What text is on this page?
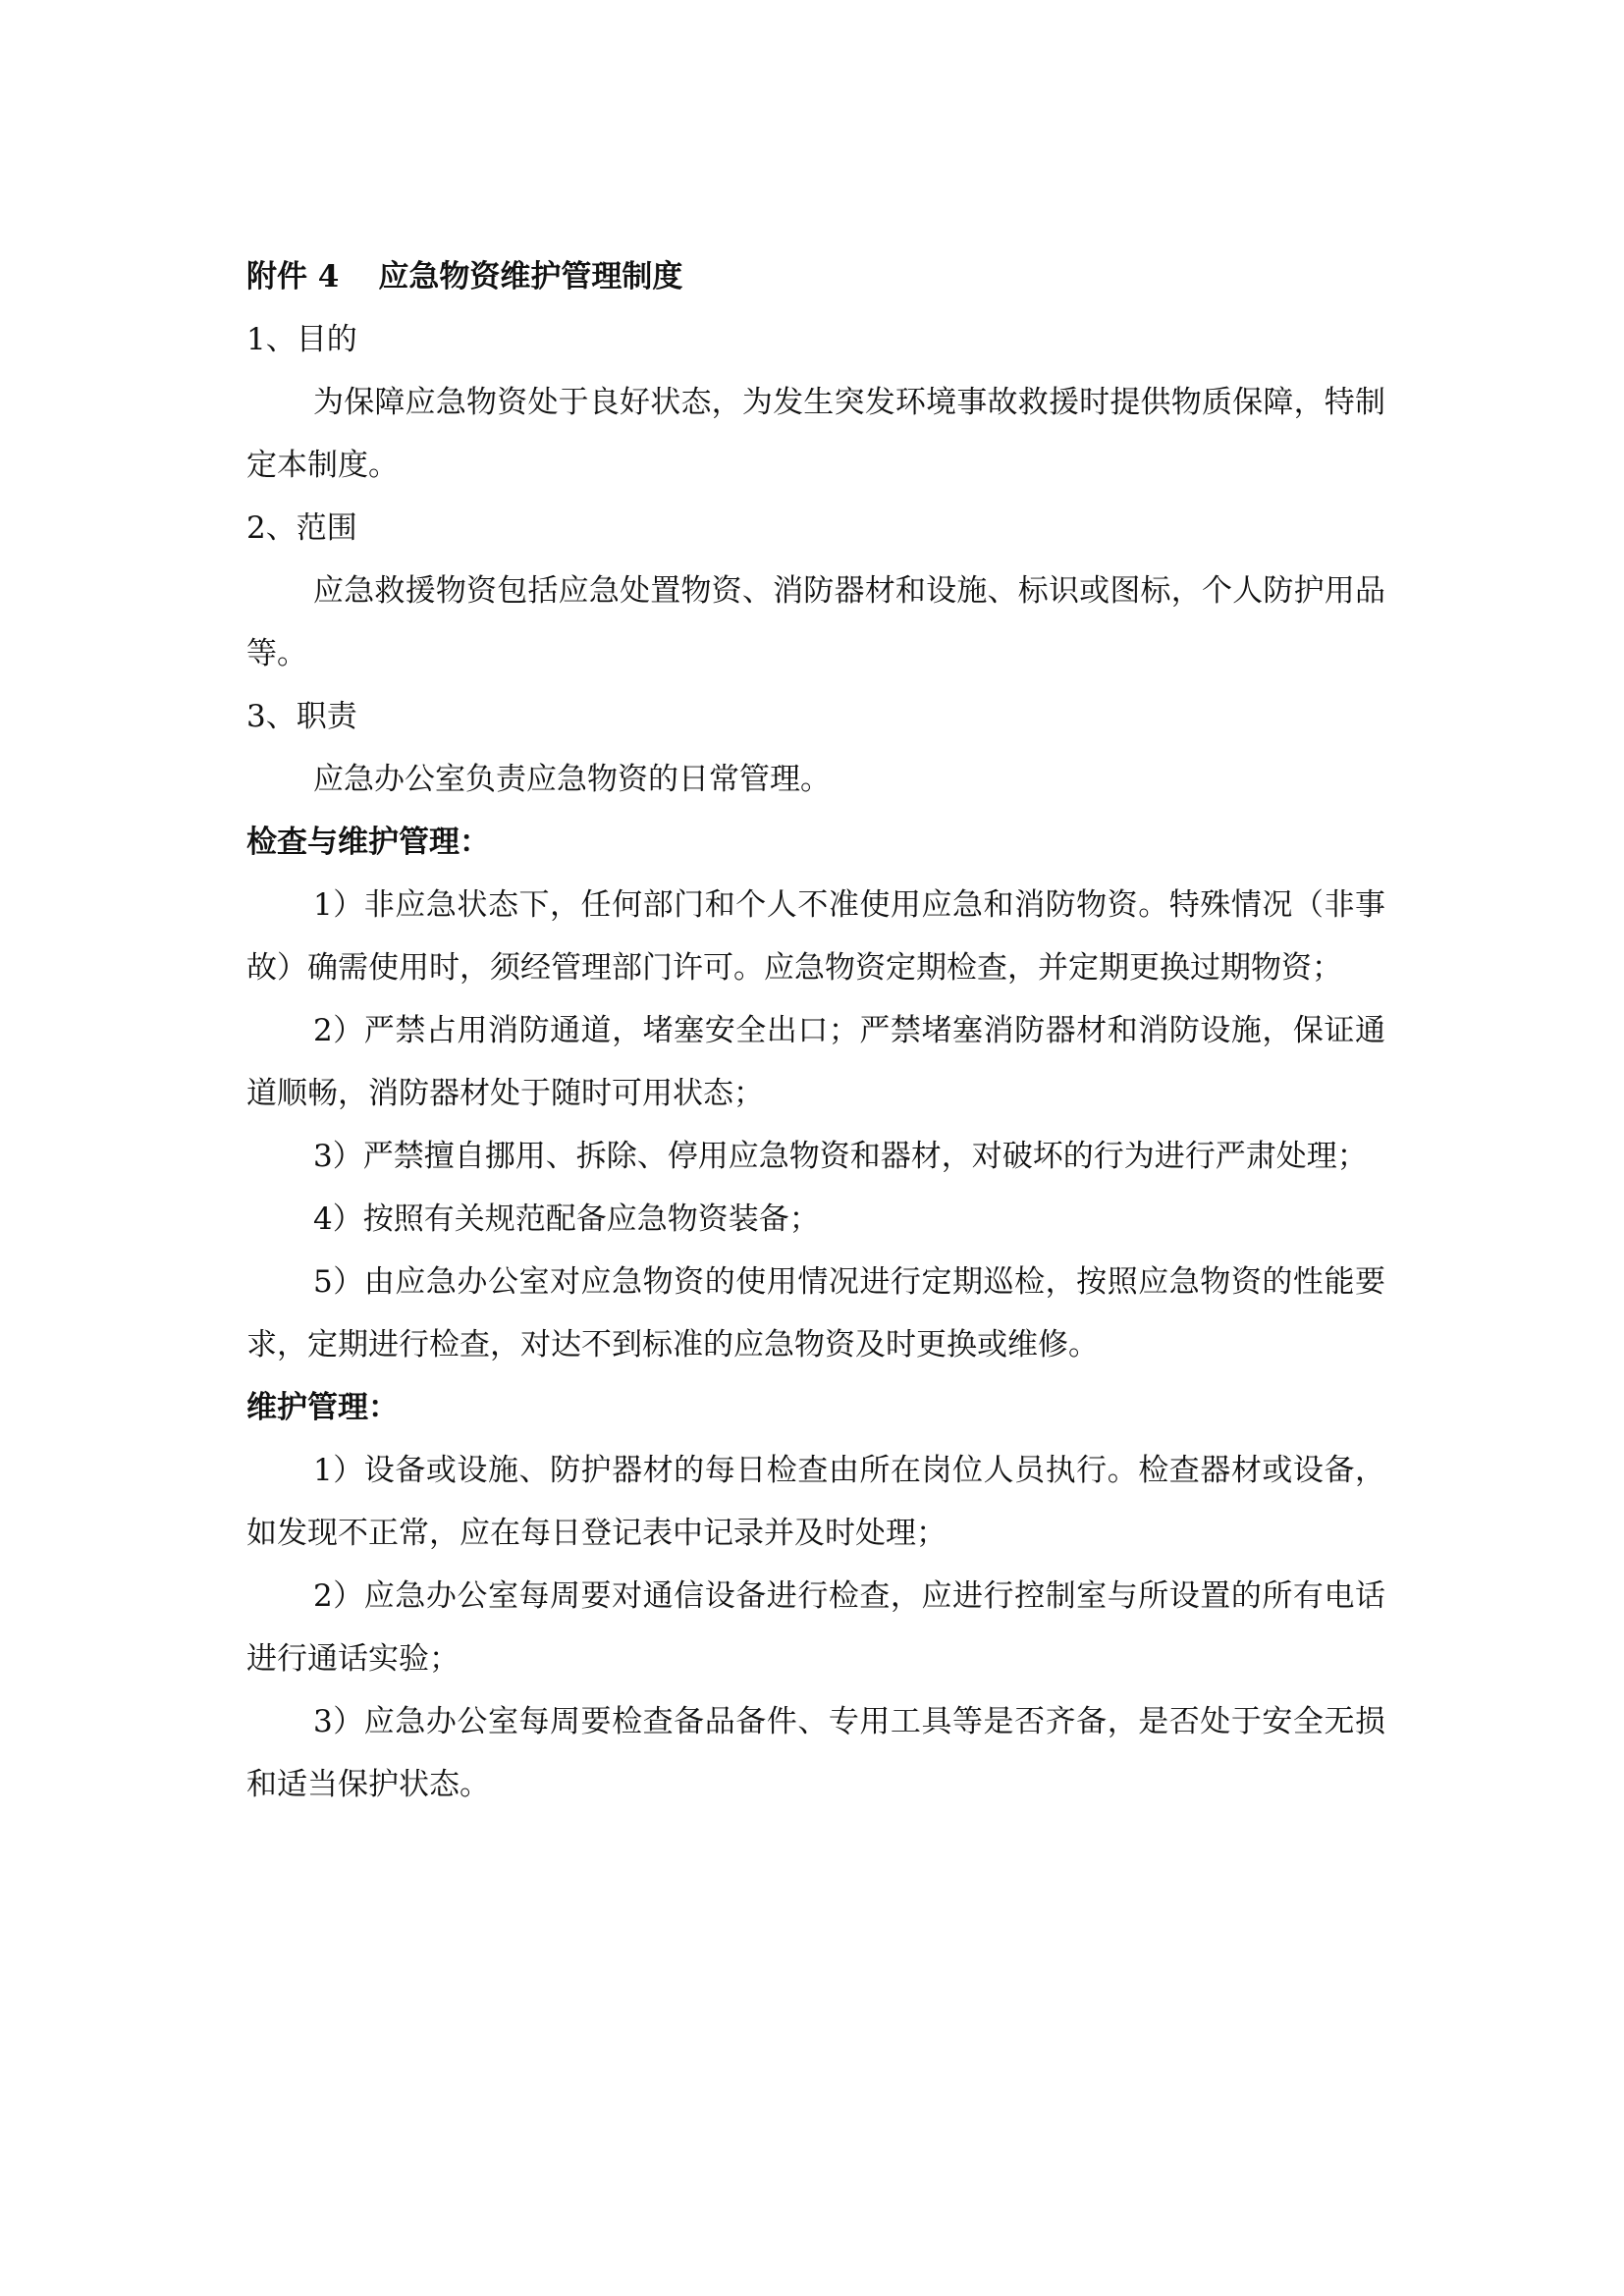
附件 4 应急物资维护管理制度
1、目的

为保障应急物资处于良好状态，为发生突发环境事故救援时提供物质保障，特制定本制度。

2、范围

应急救援物资包括应急处置物资、消防器材和设施、标识或图标，个人防护用品等。

3、职责

应急办公室负责应急物资的日常管理。

检查与维护管理：

1）非应急状态下，任何部门和个人不准使用应急和消防物资。特殊情况（非事故）确需使用时，须经管理部门许可。应急物资定期检查，并定期更换过期物资；

2）严禁占用消防通道，堵塞安全出口；严禁堵塞消防器材和消防设施，保证通道顺畅，消防器材处于随时可用状态；

3）严禁擅自挪用、拆除、停用应急物资和器材，对破坏的行为进行严肃处理；

4）按照有关规范配备应急物资装备；

5）由应急办公室对应急物资的使用情况进行定期巡检，按照应急物资的性能要求，定期进行检查，对达不到标准的应急物资及时更换或维修。

维护管理：

1）设备或设施、防护器材的每日检查由所在岗位人员执行。检查器材或设备，如发现不正常，应在每日登记表中记录并及时处理；

2）应急办公室每周要对通信设备进行检查，应进行控制室与所设置的所有电话进行通话实验；

3）应急办公室每周要检查备品备件、专用工具等是否齐备，是否处于安全无损和适当保护状态。
